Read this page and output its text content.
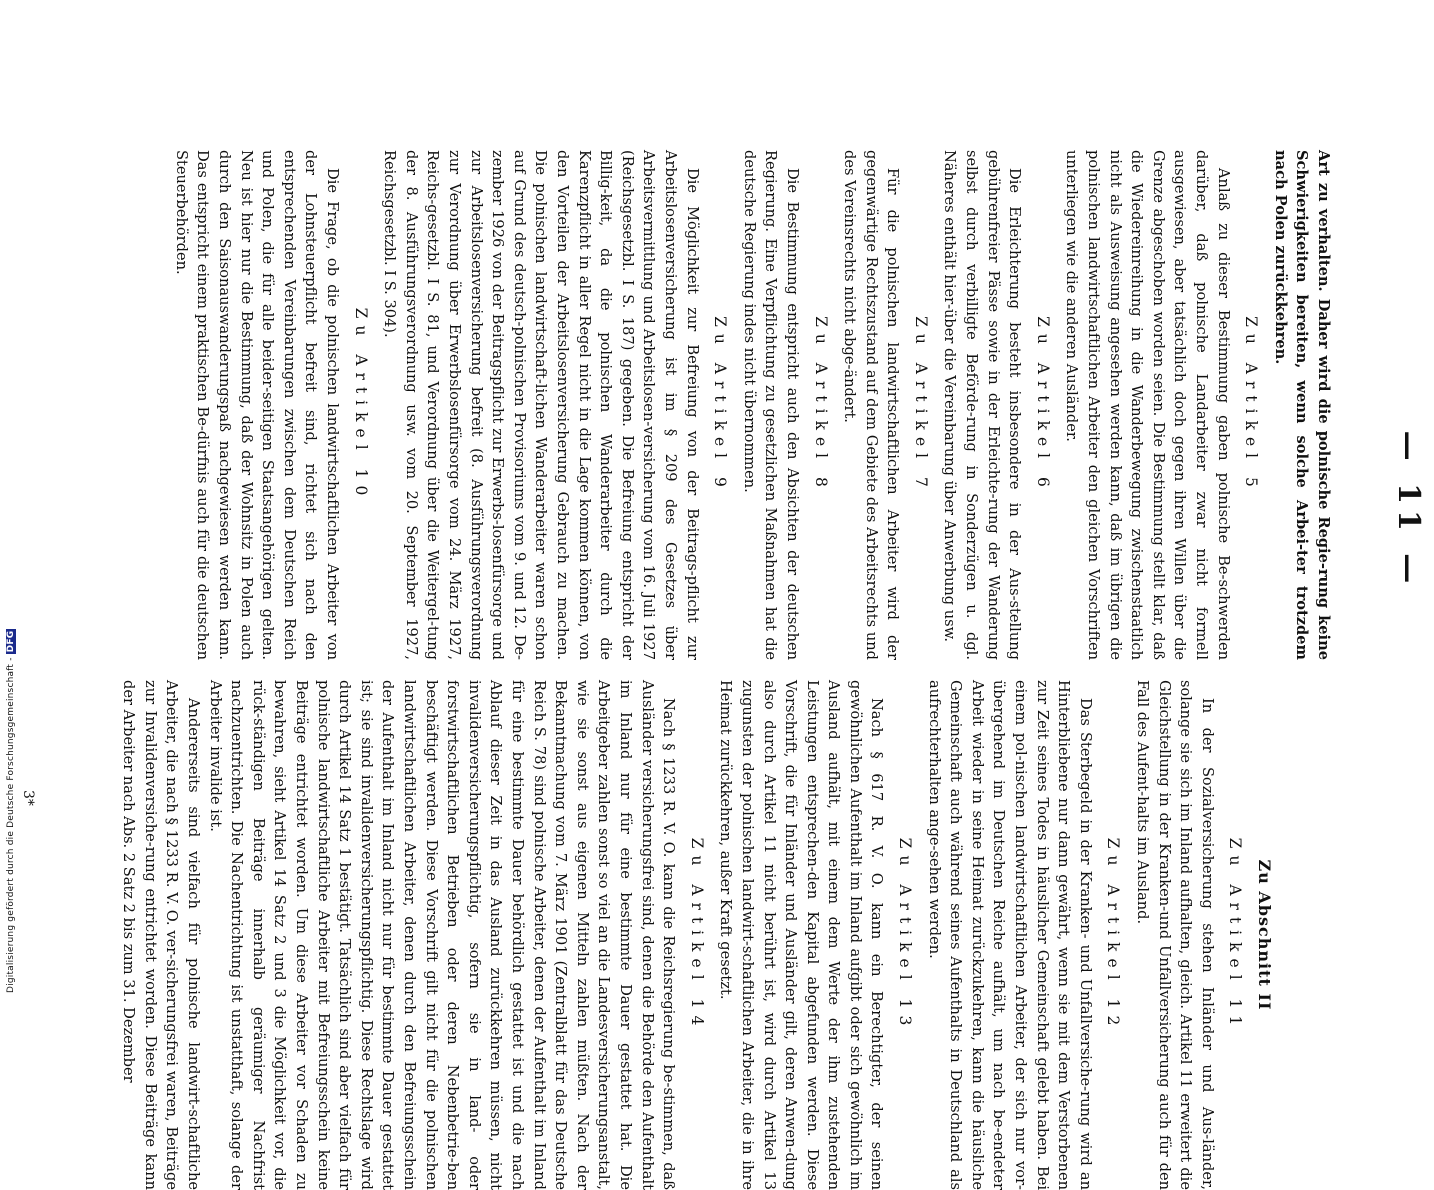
— 11 —

Art zu verhalten. Daher wird die polnische Regie-rung keine Schwierigkeiten bereiten, wenn solche Arbei-ter trotzdem nach Polen zurückkehren.

Zu Artikel 5

Anlaß zu dieser Bestimmung gaben polnische Be-schwerden darüber, daß polnische Landarbeiter zwar nicht formell ausgewiesen, aber tatsächlich doch gegen ihren Willen über die Grenze abgeschoben worden seien. Die Bestimmung stellt klar, daß die Wiedereinreihung in die Wanderbewegung zwischenstaatlich nicht als Ausweisung angesehen werden kann, daß im übrigen die polnischen landwirtschaftlichen Arbeiter den gleichen Vorschriften unterliegen wie die anderen Ausländer.

Zu Artikel 6

Die Erleichterung besteht insbesondere in der Aus-stellung gebührenfreier Pässe sowie in der Erleichte-rung der Wanderung selbst durch verbilligte Beförde-rung in Sonderzügen u. dgl. Näheres enthält hier-über die Vereinbarung über Anwerbung usw.

Zu Artikel 7

Für die polnischen landwirtschaftlichen Arbeiter wird der gegenwärtige Rechtszustand auf dem Gebiete des Arbeitsrechts und des Vereinsrechts nicht abge-ändert.

Zu Artikel 8

Die Bestimmung entspricht auch den Absichten der deutschen Regierung. Eine Verpflichtung zu gesetzlichen Maßnahmen hat die deutsche Regierung indes nicht übernommen.

Zu Artikel 9

Die Möglichkeit zur Befreiung von der Beitrags-pflicht zur Arbeitslosenversicherung ist im § 209 des Gesetzes über Arbeitsvermittlung und Arbeitslosen-versicherung vom 16. Juli 1927 (Reichsgesetzbl. I S. 187) gegeben. Die Befreiung entspricht der Billig-keit, da die polnischen Wanderarbeiter durch die Karenzpflicht in aller Regel nicht in die Lage kommen können, von den Vorteilen der Arbeitslosenversicherung Gebrauch zu machen. Die polnischen landwirtschaft-lichen Wanderarbeiter waren schon auf Grund des deutsch-polnischen Provisoriums vom 9. und 12. De-zember 1926 von der Beitragspflicht zur Erwerbs-losenfürsorge und zur Arbeitslosenversicherung befreit (8. Ausführungsverordnung zur Verordnung über Erwerbslosenfürsorge vom 24. März 1927, Reichs-gesetzbl. I S. 81, und Verordnung über die Weitergel-tung der 8. Ausführungsverordnung usw. vom 20. September 1927, Reichsgesetzbl. I S. 304).

Zu Artikel 10

Die Frage, ob die polnischen landwirtschaftlichen Arbeiter von der Lohnsteuerpflicht befreit sind, richtet sich nach den entsprechenden Vereinbarungen zwischen dem Deutschen Reich und Polen, die für alle beider-seitigen Staatsangehörigen gelten. Neu ist hier nur die Bestimmung, daß der Wohnsitz in Polen auch durch den Saisonauswanderungspaß nachgewiesen werden kann. Das entspricht einem praktischen Be-dürfnis auch für die deutschen Steuerbehörden.

Zu Abschnitt II
Zu Artikel 11

In der Sozialversicherung stehen Inländer und Aus-länder, solange sie sich im Inland aufhalten, gleich. Artikel 11 erweitert die Gleichstellung in der Kranken-und Unfallversicherung auch für den Fall des Aufent-halts im Ausland.

Zu Artikel 12

Das Sterbegeld in der Kranken- und Unfallversiche-rung wird an Hinterbliebene nur dann gewährt, wenn sie mit dem Verstorbenen zur Zeit seines Todes in häuslicher Gemeinschaft gelebt haben. Bei einem pol-nischen landwirtschaftlichen Arbeiter, der sich nur vor-übergehend im Deutschen Reiche aufhält, um nach be-endeter Arbeit wieder in seine Heimat zurückzukehren, kann die häusliche Gemeinschaft auch während seines Aufenthalts in Deutschland als aufrechterhalten ange-sehen werden.

Zu Artikel 13

Nach § 617 R. V. O. kann ein Berechtigter, der seinen gewöhnlichen Aufenthalt im Inland aufgibt oder sich gewöhnlich im Ausland aufhält, mit einem dem Werte der ihm zustehenden Leistungen entsprechen-den Kapital abgefunden werden. Diese Vorschrift, die für Inländer und Ausländer gilt, deren Anwen-dung also durch Artikel 11 nicht berührt ist, wird durch Artikel 13 zugunsten der polnischen landwirt-schaftlichen Arbeiter, die in ihre Heimat zurückkehren, außer Kraft gesetzt.

Zu Artikel 14

Nach § 1233 R. V. O. kann die Reichsregierung be-stimmen, daß Ausländer versicherungsfrei sind, denen die Behörde den Aufenthalt im Inland nur für eine bestimmte Dauer gestattet hat. Die Arbeitgeber zahlen sonst so viel an die Landesversicherungsanstalt, wie sie sonst aus eigenen Mitteln zahlen müßten. Nach der Bekanntmachung vom 7. März 1901 (Zentralblatt für das Deutsche Reich S. 78) sind polnische Arbeiter, denen der Aufenthalt im Inland für eine bestimmte Dauer behördlich gestattet ist und die nach Ablauf dieser Zeit in das Ausland zurückkehren müssen, nicht invalidenversicherungspflichtig, sofern sie in land- oder forstwirtschaftlichen Betrieben oder deren Nebenbetrie-ben beschäftigt werden. Diese Vorschrift gilt nicht für die polnischen landwirtschaftlichen Arbeiter, denen durch den Befreiungsschein der Aufenthalt im Inland nicht nur für bestimmte Dauer gestattet ist; sie sind invalidenversicherungspflichtig. Diese Rechtslage wird durch Artikel 14 Satz 1 bestätigt. Tatsächlich sind aber vielfach für polnische landwirtschaftliche Arbeiter mit Befreiungsschein keine Beiträge entrichtet worden. Um diese Arbeiter vor Schaden zu bewahren, sieht Artikel 14 Satz 2 und 3 die Möglichkeit vor, die rück-ständigen Beiträge innerhalb geräumiger Nachfrist nachzuentrichten. Die Nachentrichtung ist unstatthaft, solange der Arbeiter invalide ist.

Andererseits sind vielfach für polnische landwirt-schaftliche Arbeiter, die nach § 1233 R. V. O. ver-sicherungsfrei waren, Beiträge zur Invalidenversiche-rung entrichtet worden. Diese Beiträge kann der Arbeiter nach Abs. 2 Satz 2 bis zum 31. Dezember

3*
Digitalisierung gefördert durch die Deutsche Forschungsgemeinschaft -DFG
